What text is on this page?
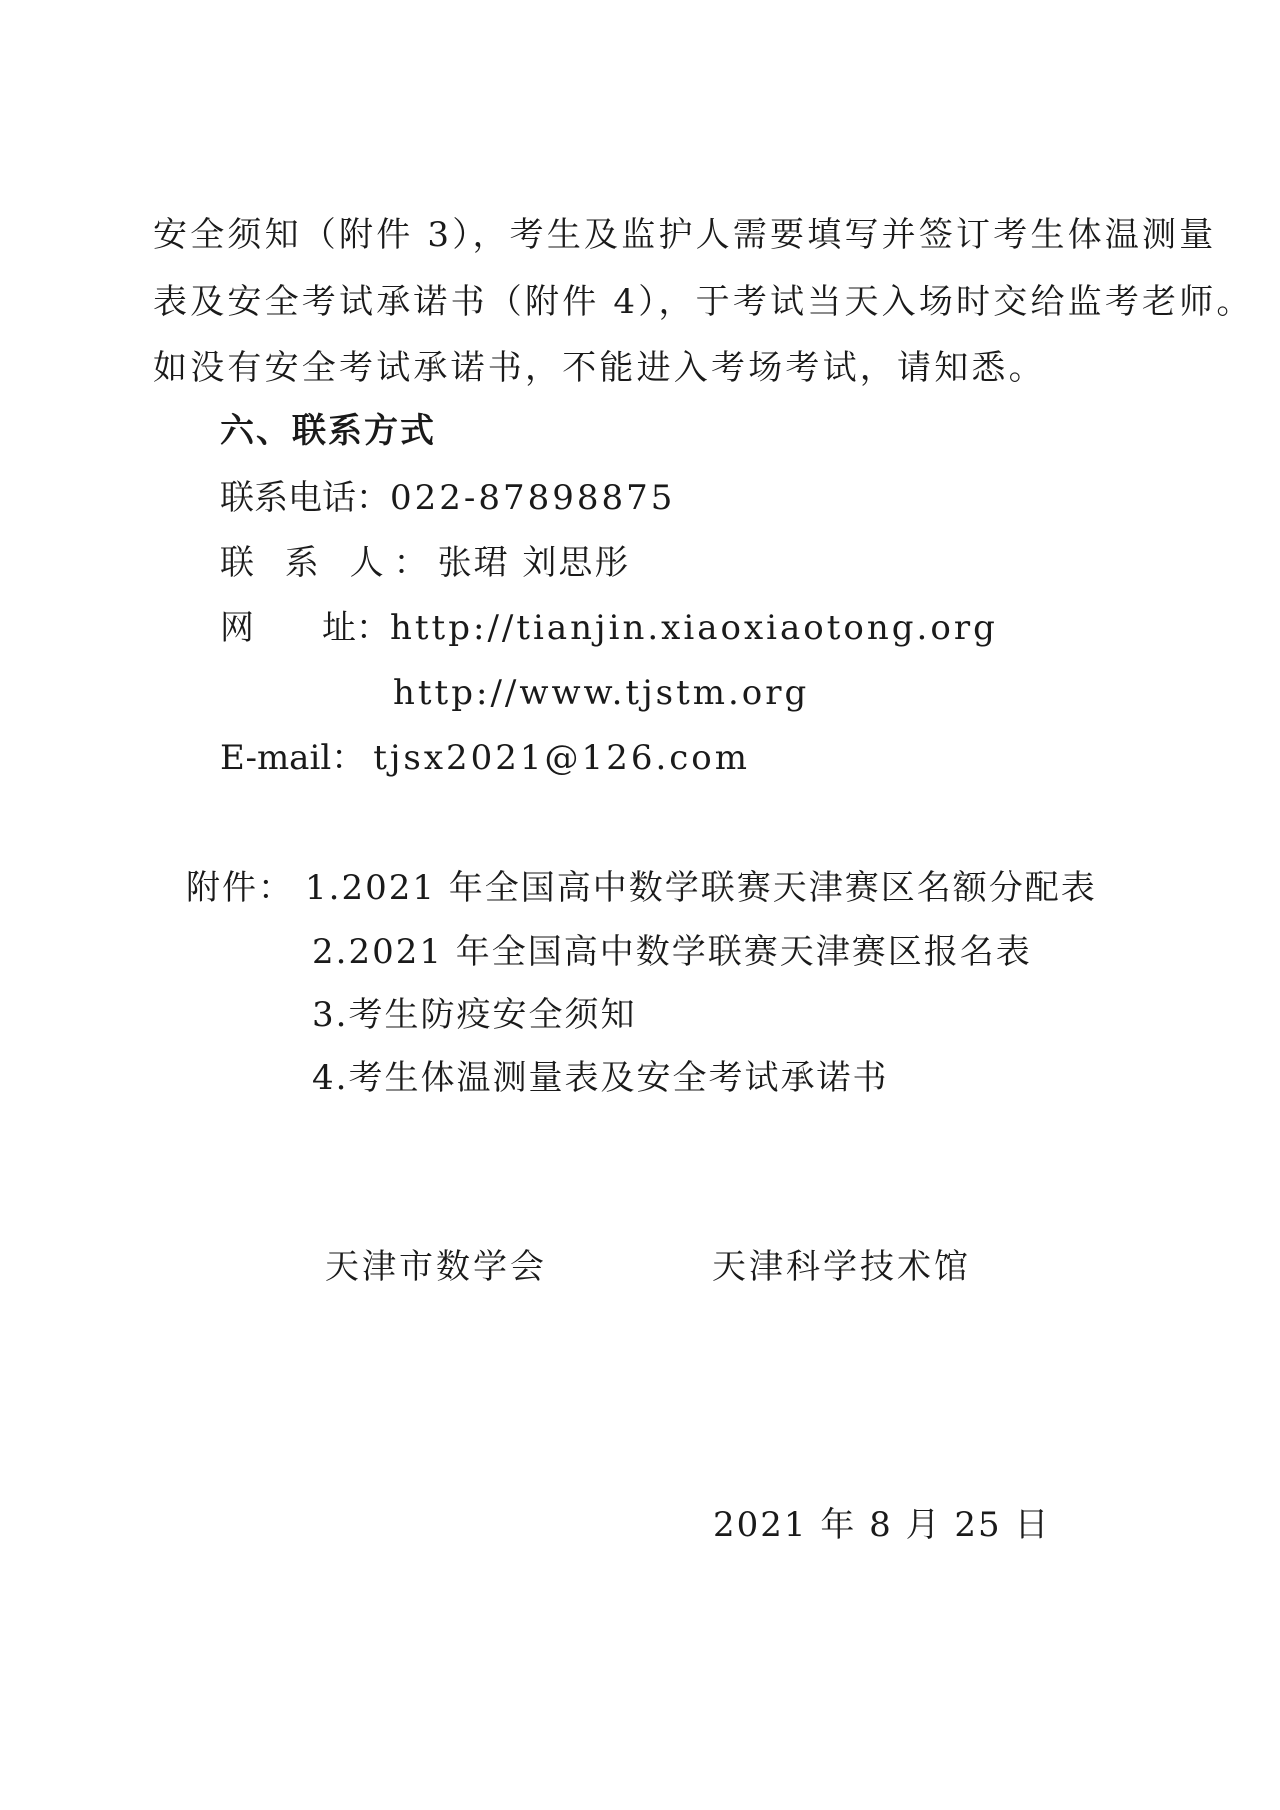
安全须知（附件 3），考生及监护人需要填写并签订考生体温测量
表及安全考试承诺书（附件 4），于考试当天入场时交给监考老师。
如没有安全考试承诺书，不能进入考场考试，请知悉。
六、联系方式
联系电话：022-87898875
联 系 人：张珺 刘思彤
网　　址：http://tianjin.xiaoxiaotong.org
http://www.tjstm.org
E-mail： tjsx2021@126.com
附件： 1.2021 年全国高中数学联赛天津赛区名额分配表
2.2021 年全国高中数学联赛天津赛区报名表
3.考生防疫安全须知
4.考生体温测量表及安全考试承诺书
天津市数学会	天津科学技术馆
2021 年 8 月 25 日
